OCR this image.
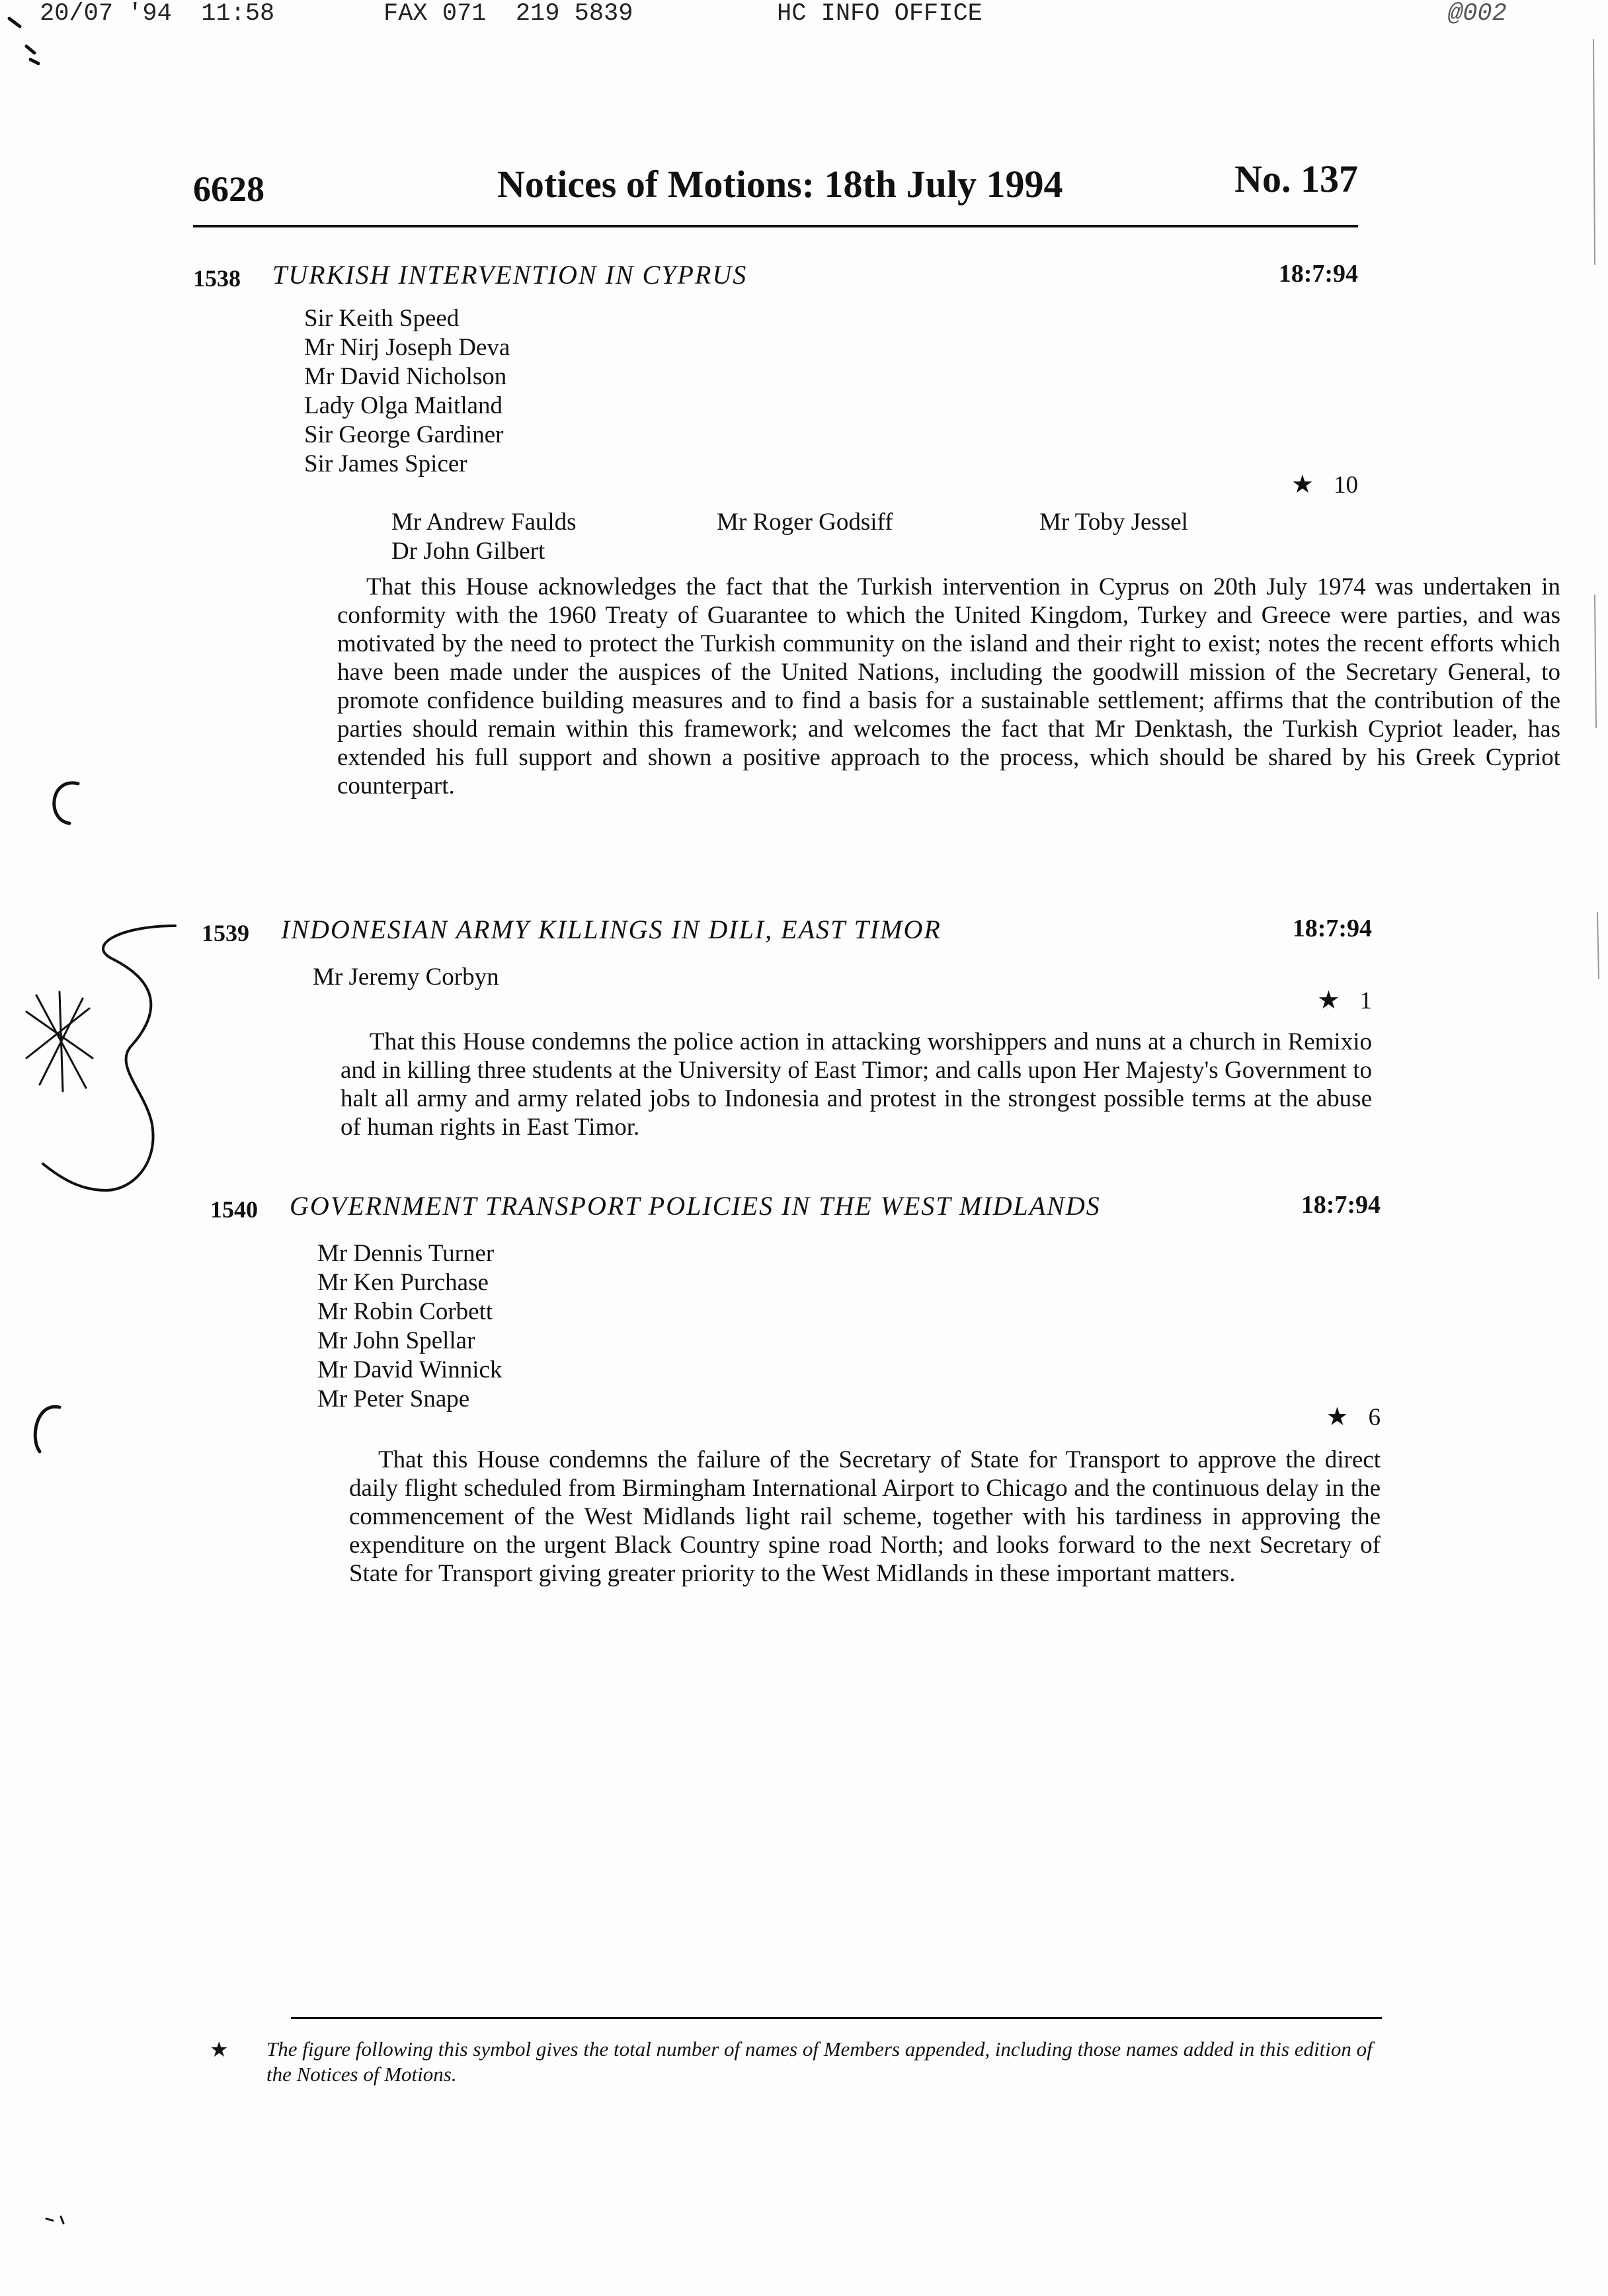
20/07 '94  11:58	FAX 071  219 5839	HC INFO OFFICE	@002
6628	Notices of Motions: 18th July 1994	No. 137
1538 TURKISH INTERVENTION IN CYPRUS	18:7:94
Sir Keith Speed
Mr Nirj Joseph Deva
Mr David Nicholson
Lady Olga Maitland
Sir George Gardiner
Sir James Spicer
★ 10
Mr Andrew Faulds	Mr Roger Godsiff	Mr Toby Jessel
Dr John Gilbert

That this House acknowledges the fact that the Turkish intervention in Cyprus on 20th July 1974 was undertaken in conformity with the 1960 Treaty of Guarantee to which the United Kingdom, Turkey and Greece were parties, and was motivated by the need to protect the Turkish community on the island and their right to exist; notes the recent efforts which have been made under the auspices of the United Nations, including the goodwill mission of the Secretary General, to promote confidence building measures and to find a basis for a sustainable settlement; affirms that the contribution of the parties should remain within this framework; and welcomes the fact that Mr Denktash, the Turkish Cypriot leader, has extended his full support and shown a positive approach to the process, which should be shared by his Greek Cypriot counterpart.

1539 INDONESIAN ARMY KILLINGS IN DILI, EAST TIMOR	18:7:94
Mr Jeremy Corbyn
★ 1

That this House condemns the police action in attacking worshippers and nuns at a church in Remixio and in killing three students at the University of East Timor; and calls upon Her Majesty's Government to halt all army and army related jobs to Indonesia and protest in the strongest possible terms at the abuse of human rights in East Timor.

1540 GOVERNMENT TRANSPORT POLICIES IN THE WEST MIDLANDS	18:7:94
Mr Dennis Turner
Mr Ken Purchase
Mr Robin Corbett
Mr John Spellar
Mr David Winnick
Mr Peter Snape
★ 6

That this House condemns the failure of the Secretary of State for Transport to approve the direct daily flight scheduled from Birmingham International Airport to Chicago and the continuous delay in the commencement of the West Midlands light rail scheme, together with his tardiness in approving the expenditure on the urgent Black Country spine road North; and looks forward to the next Secretary of State for Transport giving greater priority to the West Midlands in these important matters.

★ The figure following this symbol gives the total number of names of Members appended, including those names added in this edition of the Notices of Motions.
